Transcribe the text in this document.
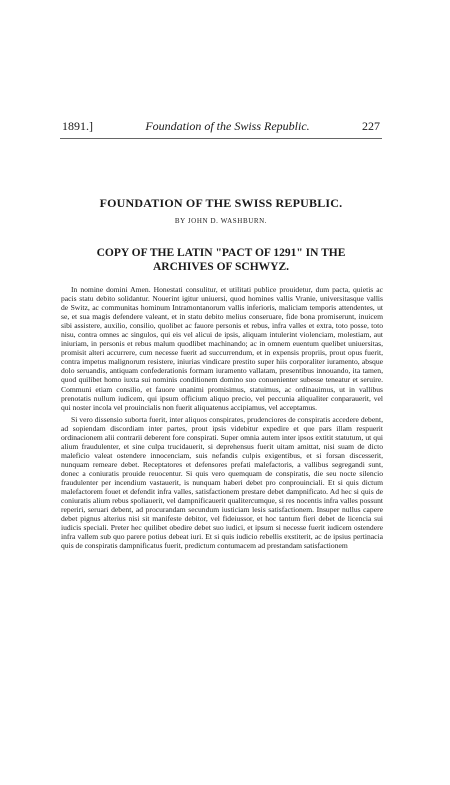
1891.]	Foundation of the Swiss Republic.	227
FOUNDATION OF THE SWISS REPUBLIC.
BY JOHN D. WASHBURN.
COPY OF THE LATIN "PACT OF 1291" IN THE ARCHIVES OF SCHWYZ.

In nomine domini Amen. Honestati consulitur, et utilitati publice prouidetur, dum pacta, quietis ac pacis statu debito solidantur. Nouerint igitur uniuersi, quod homines vallis Vranie, universitasque vallis de Switz, ac communitas hominum Intramontanorum vallis inferioris, maliciam temporis attendentes, ut se, et sua magis defendere valeant, et in statu debito melius conseruare, fide bona promiserunt, inuicem sibi assistere, auxilio, consilio, quolibet ac fauore personis et rebus, infra valles et extra, toto posse, toto nisu, contra omnes ac singulos, qui eis vel alicui de ipsis, aliquam intulerint violenciam, molestiam, aut iniuriam, in personis et rebus malum quodlibet machinando; ac in omnem euentum quelibet uniuersitas, promisit alteri accurrere, cum necesse fuerit ad succurrendum, et in expensis propriis, prout opus fuerit, contra impetus malignorum resistere, iniurias vindicare prestito super hiis corporaliter iuramento, absque dolo seruandis, antiquam confederationis formam iuramento vallatam, presentibus innouando, ita tamen, quod quilibet homo iuxta sui nominis conditionem domino suo conuenienter subesse teneatur et seruire. Communi etiam consilio, et fauore unanimi promisimus, statuimus, ac ordinauimus, ut in vallibus prenotatis nullum iudicem, qui ipsum officium aliquo precio, vel peccunia aliqualiter conparauerit, vel qui noster incola vel prouincialis non fuerit aliquatenus accipiamus, vel acceptamus.

Si vero dissensio suborta fuerit, inter aliquos conspirates, prudenciores de conspiratis accedere debent, ad sopiendam discordiam inter partes, prout ipsis videbitur expedire et que pars illam respuerit ordinacionem alii contrarii deberent fore conspirati. Super omnia autem inter ipsos extitit statutum, ut qui alium fraudulenter, et sine culpa trucidauerit, si deprehensus fuerit uitam amittat, nisi suam de dicto maleficio valeat ostendere innocenciam, suis nefandis culpis exigentibus, et si forsan discesserit, nunquam remeare debet. Receptatores et defensores prefati malefactoris, a vallibus segregandi sunt, donec a coniuratis prouide reuocentur. Si quis vero quemquam de conspiratis, die seu nocte silencio fraudulenter per incendium vastauerit, is nunquam haberi debet pro conprouinciali. Et si quis dictum malefactorem fouet et defendit infra valles, satisfactionem prestare debet dampnificato. Ad hec si quis de coniuratis alium rebus spoliauerit, vel dampnificauerit qualitercumque, si res nocentis infra valles possunt reperiri, seruari debent, ad procurandam secundum iusticiam lesis satisfactionem. Insuper nullus capere debet pignus alterius nisi sit manifeste debitor, vel fideiussor, et hoc tantum fieri debet de licencia sui iudicis speciali. Preter hec quilibet obedire debet suo iudici, et ipsum si necesse fuerit iudicem ostendere infra vallem sub quo parere potius debeat iuri. Et si quis iudicio rebellis exstiterit, ac de ipsius pertinacia quis de conspiratis dampnificatus fuerit, predictum contumacem ad prestandam satisfactionem
